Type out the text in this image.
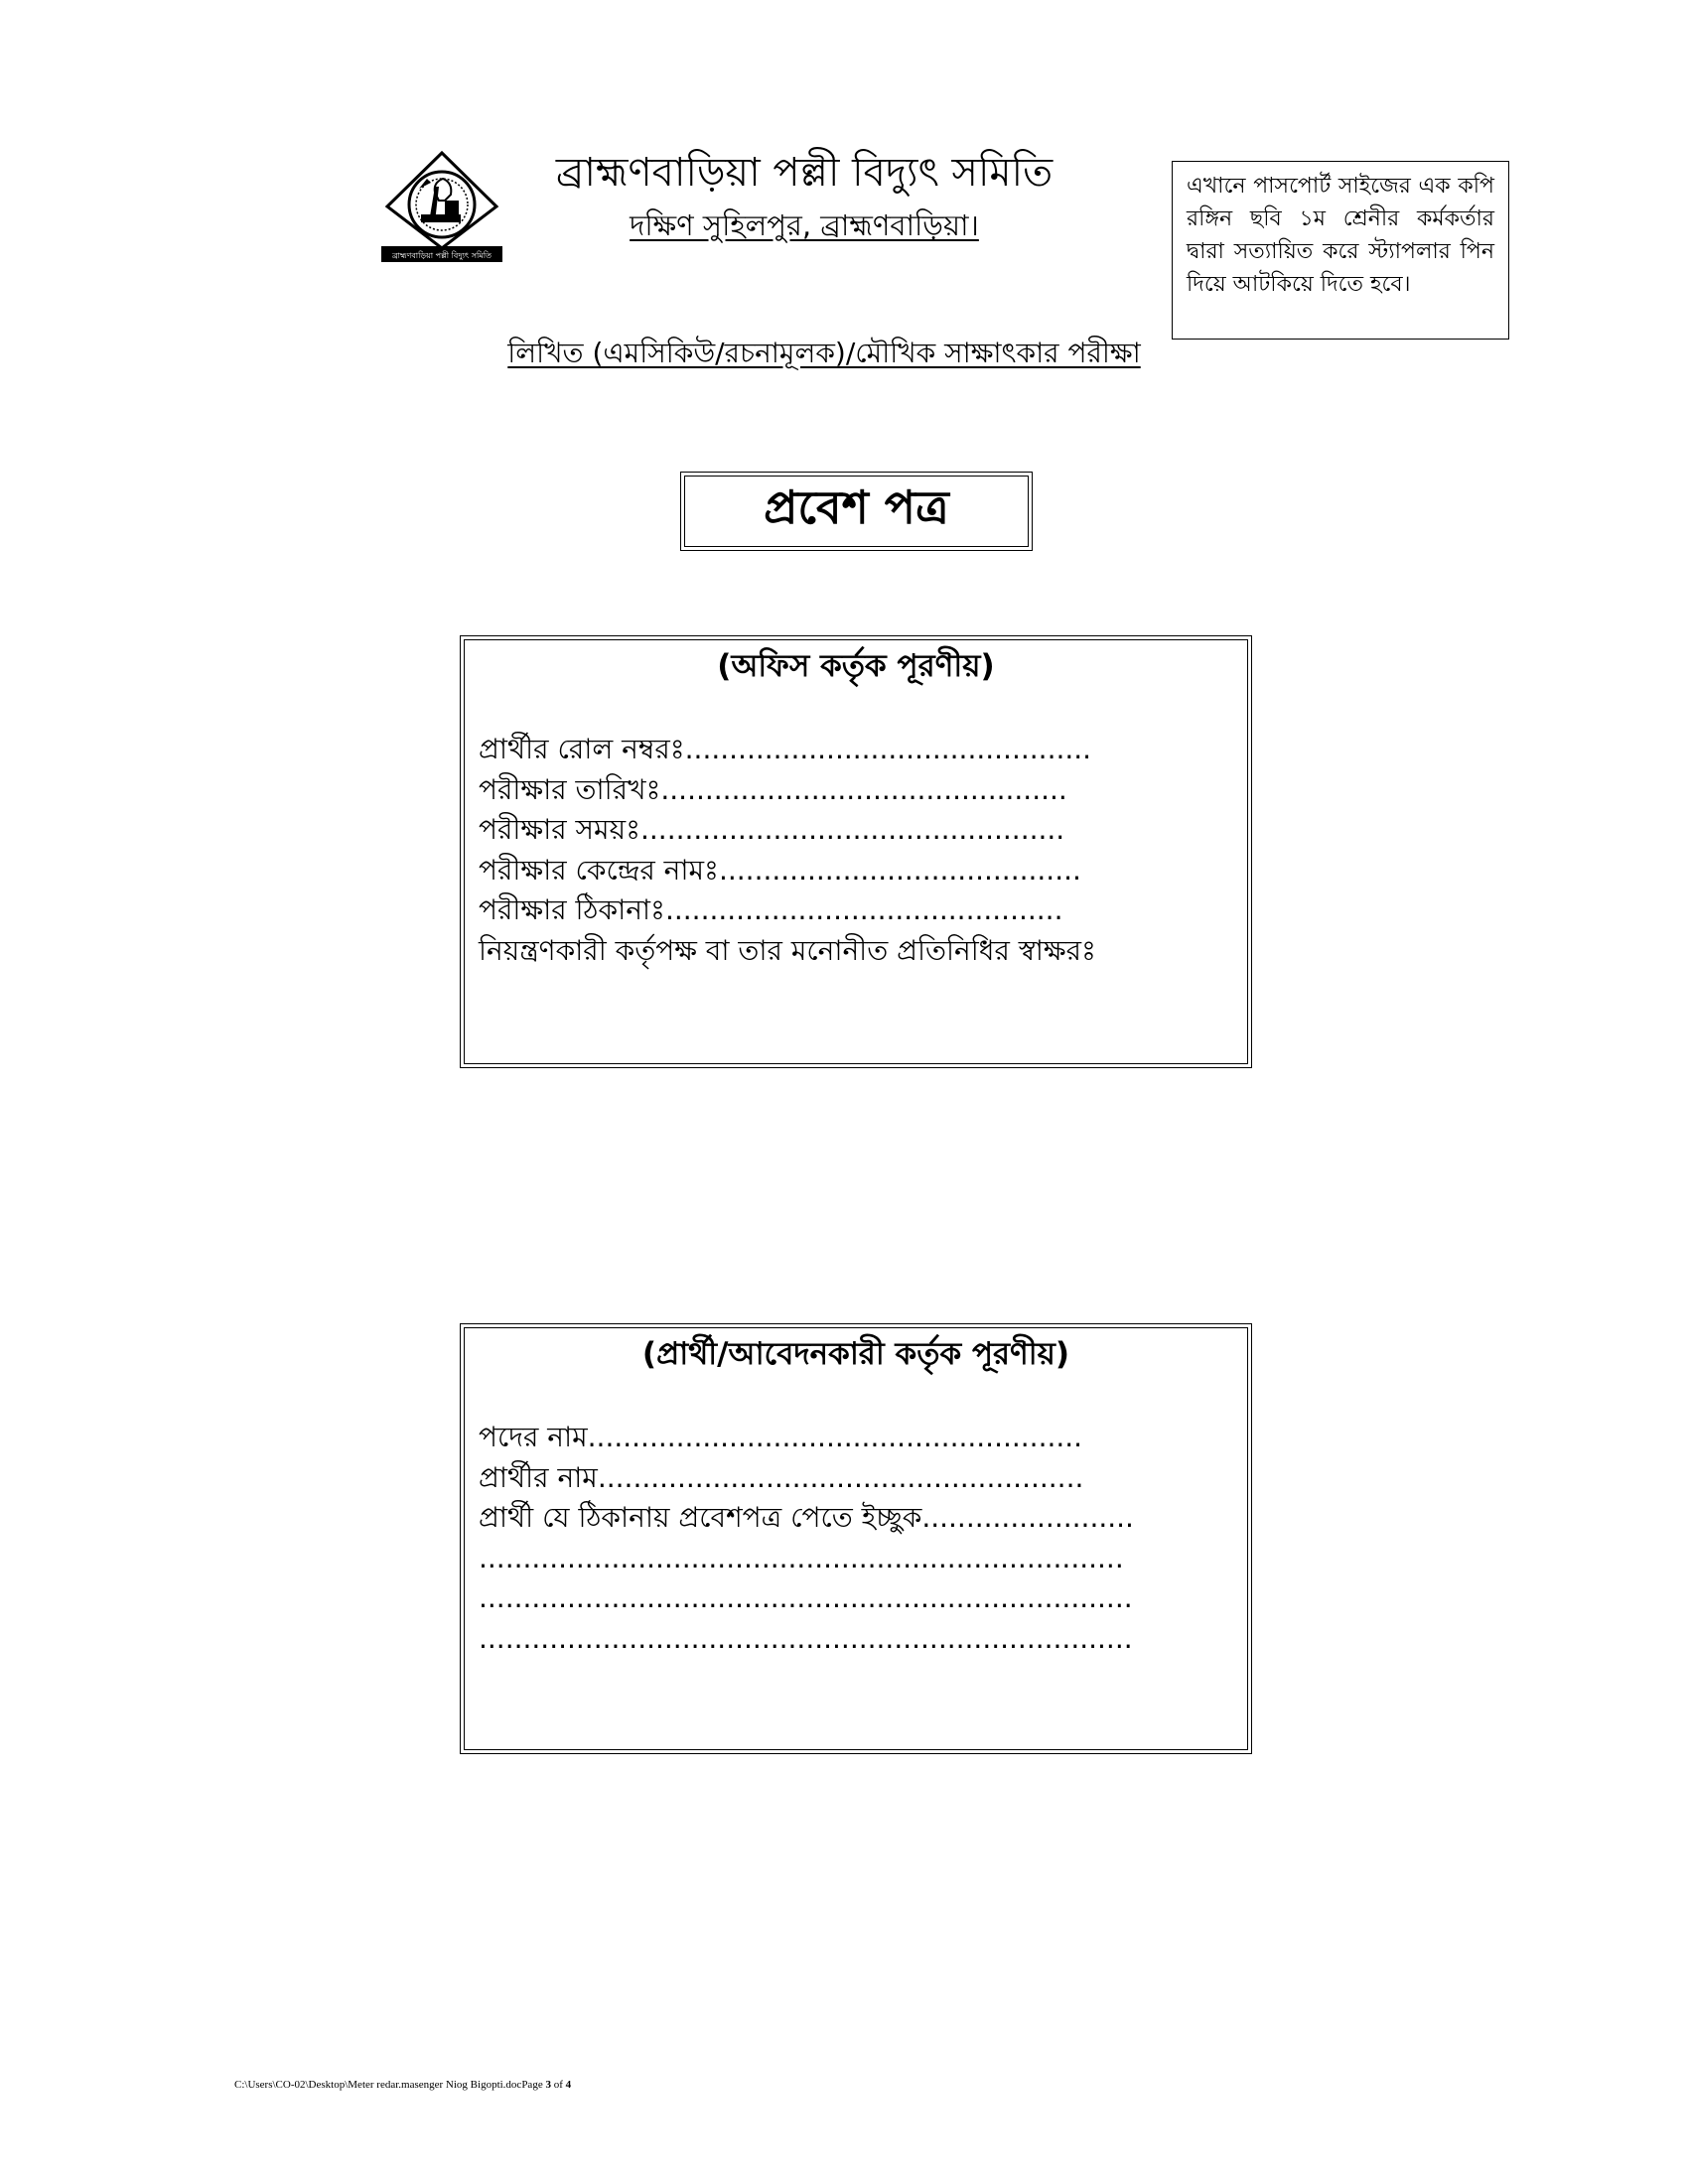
ব্রাহ্মণবাড়িয়া পল্লী বিদ্যুৎ সমিতি
ব্রাহ্মণবাড়িয়া পল্লী বিদ্যুৎ সমিতি
দক্ষিণ সুহিলপুর, ব্রাহ্মণবাড়িয়া।
এখানে পাসপোর্ট সাইজের এক কপি রঙ্গিন ছবি ১ম শ্রেনীর কর্মকর্তার দ্বারা সত্যায়িত করে স্ট্যাপলার পিন দিয়ে আটকিয়ে দিতে হবে।
লিখিত (এমসিকিউ/রচনামূলক)/মৌখিক সাক্ষাৎকার পরীক্ষা
প্রবেশ পত্র
(অফিস কর্তৃক পূরণীয়)
প্রার্থীর রোল নম্বরঃ..............................................
পরীক্ষার তারিখঃ..............................................
পরীক্ষার সময়ঃ................................................
পরীক্ষার কেন্দ্রের নামঃ.........................................
পরীক্ষার ঠিকানাঃ.............................................
নিয়ন্ত্রণকারী কর্তৃপক্ষ বা তার মনোনীত প্রতিনিধির স্বাক্ষরঃ
(প্রার্থী/আবেদনকারী কর্তৃক পূরণীয়)
পদের নাম........................................................
প্রার্থীর নাম.......................................................
প্রার্থী যে ঠিকানায় প্রবেশপত্র পেতে ইচ্ছুক........................
.........................................................................
..........................................................................
..........................................................................
C:\Users\CO-02\Desktop\Meter redar.masenger Niog Bigopti.docPage 3 of 4
